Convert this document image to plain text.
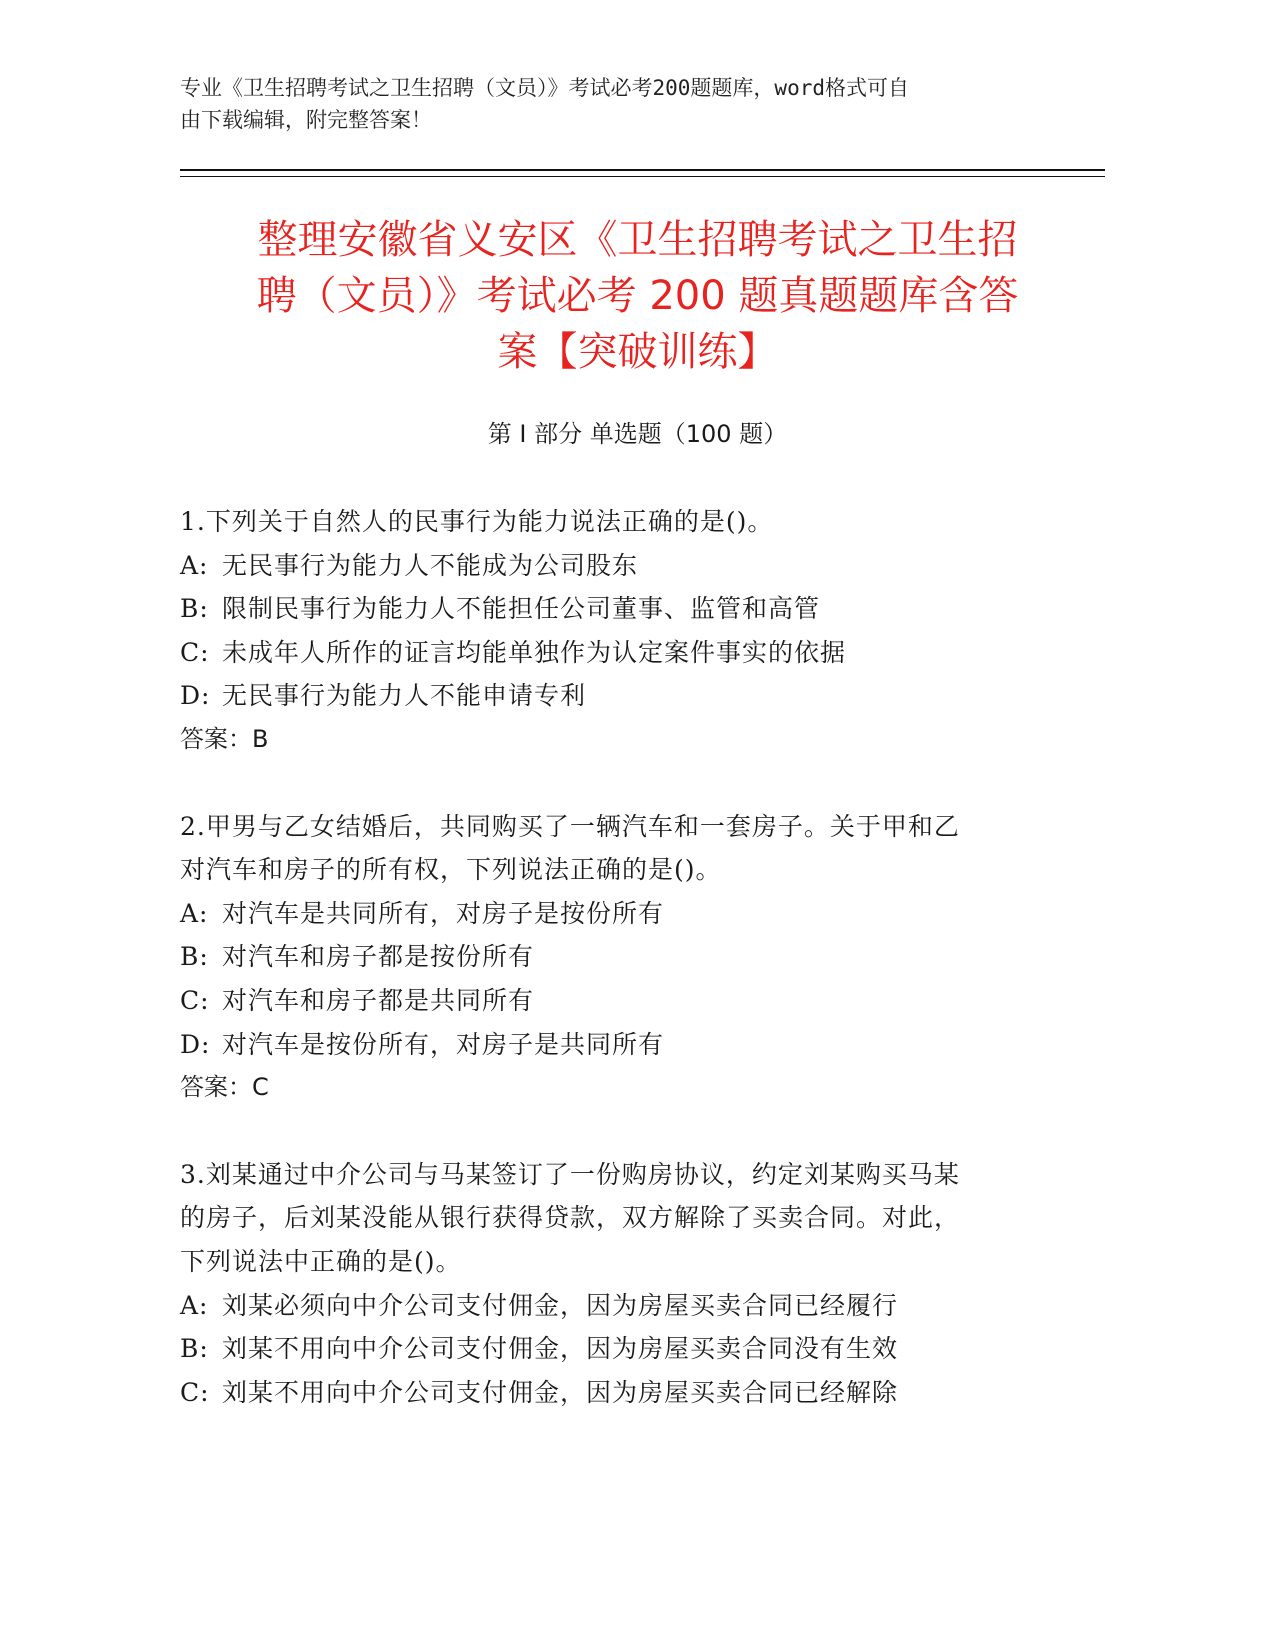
专业《卫生招聘考试之卫生招聘（文员）》考试必考200题题库，word格式可自
由下载编辑，附完整答案！
整理安徽省义安区《卫生招聘考试之卫生招
聘（文员）》考试必考 200 题真题题库含答
案【突破训练】
第 I 部分 单选题（100 题）
1.下列关于自然人的民事行为能力说法正确的是()。
A: 无民事行为能力人不能成为公司股东
B: 限制民事行为能力人不能担任公司董事、监管和高管
C: 未成年人所作的证言均能单独作为认定案件事实的依据
D: 无民事行为能力人不能申请专利
答案：B
2.甲男与乙女结婚后，共同购买了一辆汽车和一套房子。关于甲和乙
对汽车和房子的所有权，下列说法正确的是()。
A: 对汽车是共同所有，对房子是按份所有
B: 对汽车和房子都是按份所有
C: 对汽车和房子都是共同所有
D: 对汽车是按份所有，对房子是共同所有
答案：C
3.刘某通过中介公司与马某签订了一份购房协议，约定刘某购买马某
的房子，后刘某没能从银行获得贷款，双方解除了买卖合同。对此，
下列说法中正确的是()。
A: 刘某必须向中介公司支付佣金，因为房屋买卖合同已经履行
B: 刘某不用向中介公司支付佣金，因为房屋买卖合同没有生效
C: 刘某不用向中介公司支付佣金，因为房屋买卖合同已经解除
